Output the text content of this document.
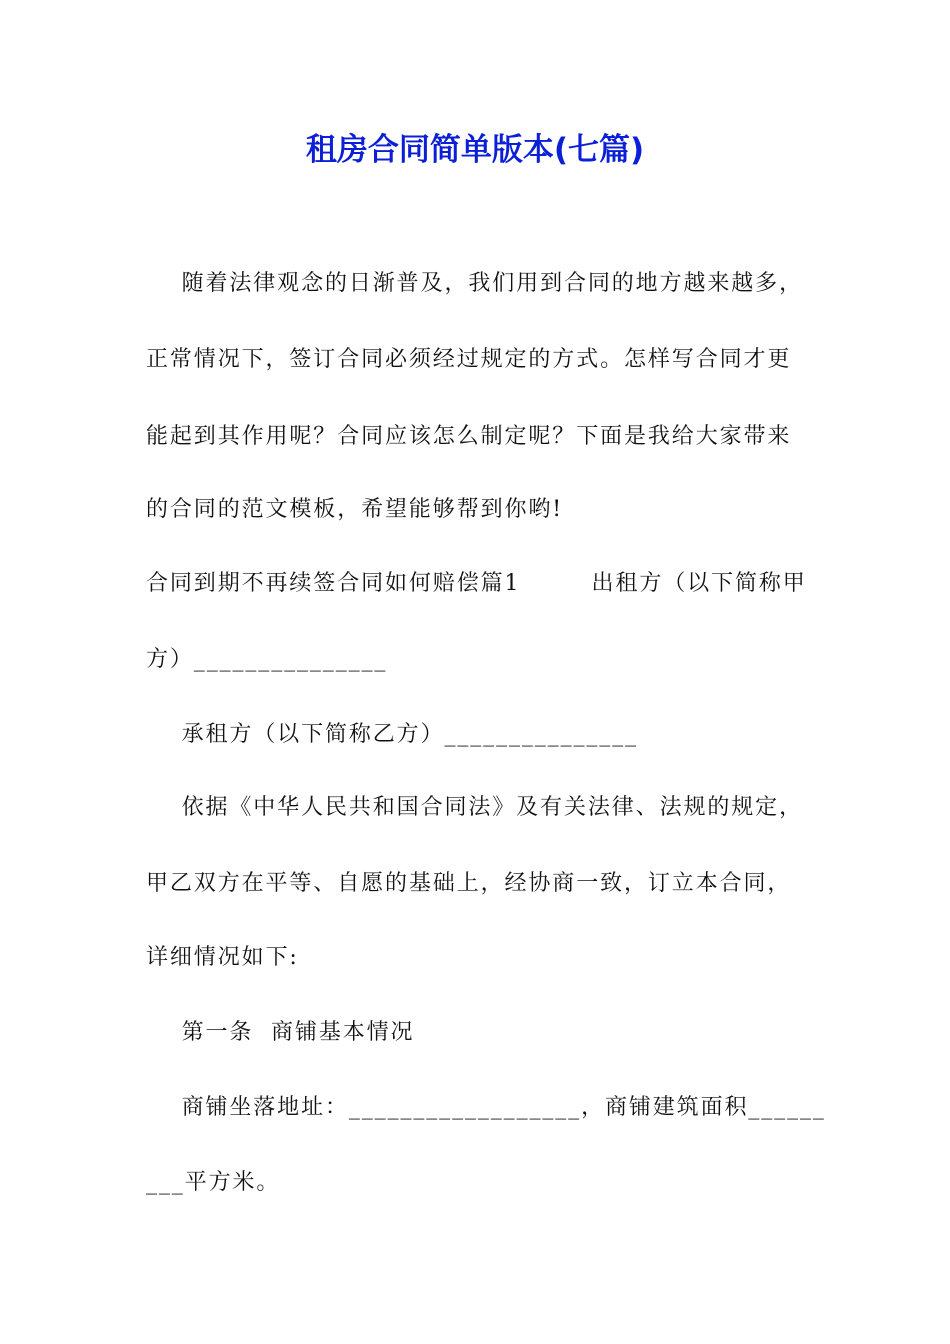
租房合同简单版本(七篇)
随着法律观念的日渐普及，我们用到合同的地方越来越多，
正常情况下，签订合同必须经过规定的方式。怎样写合同才更
能起到其作用呢？合同应该怎么制定呢？下面是我给大家带来
的合同的范文模板，希望能够帮到你哟!
合同到期不再续签合同如何赔偿篇1        出租方（以下简称甲
方）_______________
承租方（以下简称乙方）_______________
依据《中华人民共和国合同法》及有关法律、法规的规定，
甲乙双方在平等、自愿的基础上，经协商一致，订立本合同，
详细情况如下:
第一条  商铺基本情况
商铺坐落地址：__________________，商铺建筑面积______
___平方米。
